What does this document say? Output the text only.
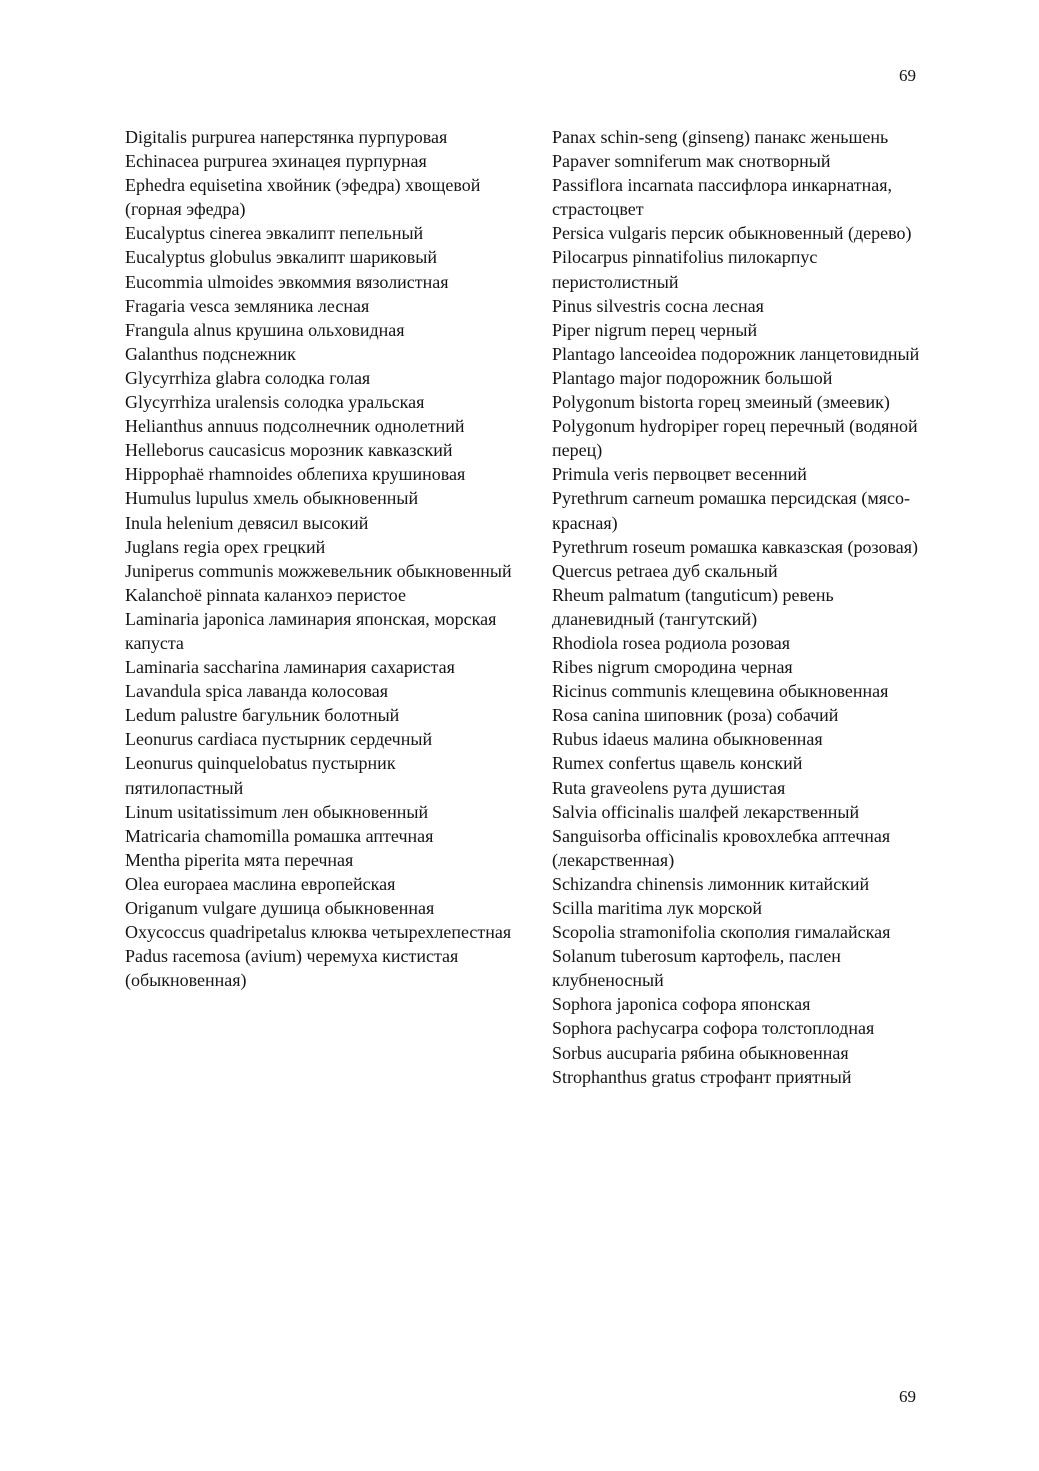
69
Digitalis purpurea наперстянка пурпуровая
Echinacea purpurea эхинацея пурпурная
Ephedra equisetina хвойник (эфедра) хвощевой (горная эфедра)
Eucalyptus cinerea эвкалипт пепельный
Eucalyptus globulus эвкалипт шариковый
Eucommia ulmoides эвкоммия вязолистная
Fragaria vesca земляника лесная
Frangula alnus крушина ольховидная
Galanthus подснежник
Glycyrrhiza glabra солодка голая
Glycyrrhiza uralensis солодка уральская
Helianthus annuus подсолнечник однолетний
Helleborus caucasicus морозник кавказский
Hippophaë rhamnoides облепиха крушиновая
Humulus lupulus хмель обыкновенный
Inula helenium девясил высокий
Juglans regia орех грецкий
Juniperus communis можжевельник обыкновенный
Kalanchoë pinnata каланхоэ перистое
Laminaria japonica ламинария японская, морская капуста
Laminaria saccharina ламинария сахаристая
Lavandula spica лаванда колосовая
Ledum palustre багульник болотный
Leonurus cardiaca пустырник сердечный
Leonurus quinquelobatus пустырник пятилопастный
Linum usitatissimum лен обыкновенный
Matricaria chamomilla ромашка аптечная
Mentha piperita мята перечная
Olea europaea маслина европейская
Origanum vulgare душица обыкновенная
Oxycoccus quadripetalus клюква четырехлепестная
Padus racemosa (avium) черемуха кистистая (обыкновенная)
Panax schin-seng (ginseng) панакс женьшень
Papaver somniferum мак снотворный
Passiflora incarnata пассифлора инкарнатная, страстоцвет
Persica vulgaris персик обыкновенный (дерево)
Pilocarpus pinnatifolius пилокарпус перистолистный
Pinus silvestris сосна лесная
Piper nigrum перец черный
Plantago lanceoidea подорожник ланцетовидный
Plantago major подорожник большой
Polygonum bistorta горец змеиный (змеевик)
Polygonum hydropiper горец перечный (водяной перец)
Primula veris первоцвет весенний
Pyrethrum carneum ромашка персидская (мясо-красная)
Pyrethrum roseum ромашка кавказская (розовая)
Quercus petraea дуб скальный
Rheum palmatum (tanguticum) ревень дланевидный (тангутский)
Rhodiola rosea родиола розовая
Ribes nigrum смородина черная
Ricinus communis клещевина обыкновенная
Rosa canina шиповник (роза) собачий
Rubus idaeus малина обыкновенная
Rumex confertus щавель конский
Ruta graveolens рута душистая
Salvia officinalis шалфей лекарственный
Sanguisorba officinalis кровохлебка аптечная (лекарственная)
Schizandra chinensis лимонник китайский
Scilla maritima лук морской
Scopolia stramonifolia скополия гималайская
Solanum tuberosum картофель, паслен клубненосный
Sophora japonica софора японская
Sophora pachycarpa софора толстоплодная
Sorbus aucuparia рябина обыкновенная
Strophanthus gratus строфант приятный
69
